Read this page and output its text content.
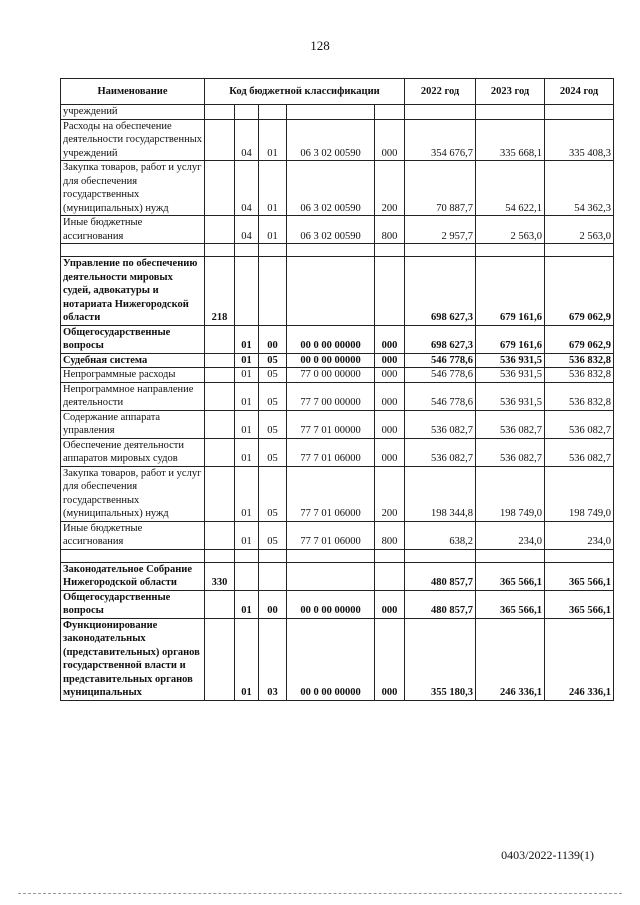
128
Наименование	Код бюджетной классификации					2022 год	2023 год	2024 год
учреждений								
Расходы на обеспечение деятельности государственных учреждений		04	01	06 3 02 00590	000	354 676,7	335 668,1	335 408,3
Закупка товаров, работ и услуг для обеспечения государственных (муниципальных) нужд		04	01	06 3 02 00590	200	70 887,7	54 622,1	54 362,3
Иные бюджетные ассигнования		04	01	06 3 02 00590	800	2 957,7	2 563,0	2 563,0

Управление по обеспечению деятельности мировых судей, адвокатуры и нотариата Нижегородской области	218					698 627,3	679 161,6	679 062,9
Общегосударственные вопросы		01	00	00 0 00 00000	000	698 627,3	679 161,6	679 062,9
Судебная система		01	05	00 0 00 00000	000	546 778,6	536 931,5	536 832,8
Непрограммные расходы		01	05	77 0 00 00000	000	546 778,6	536 931,5	536 832,8
Непрограммное направление деятельности		01	05	77 7 00 00000	000	546 778,6	536 931,5	536 832,8
Содержание аппарата управления		01	05	77 7 01 00000	000	536 082,7	536 082,7	536 082,7
Обеспечение деятельности аппаратов мировых судов		01	05	77 7 01 06000	000	536 082,7	536 082,7	536 082,7
Закупка товаров, работ и услуг для обеспечения государственных (муниципальных) нужд		01	05	77 7 01 06000	200	198 344,8	198 749,0	198 749,0
Иные бюджетные ассигнования		01	05	77 7 01 06000	800	638,2	234,0	234,0

Законодательное Собрание Нижегородской области	330					480 857,7	365 566,1	365 566,1
Общегосударственные вопросы		01	00	00 0 00 00000	000	480 857,7	365 566,1	365 566,1
Функционирование законодательных (представительных) органов государственной власти и представительных органов муниципальных		01	03	00 0 00 00000	000	355 180,3	246 336,1	246 336,1
0403/2022-1139(1)
